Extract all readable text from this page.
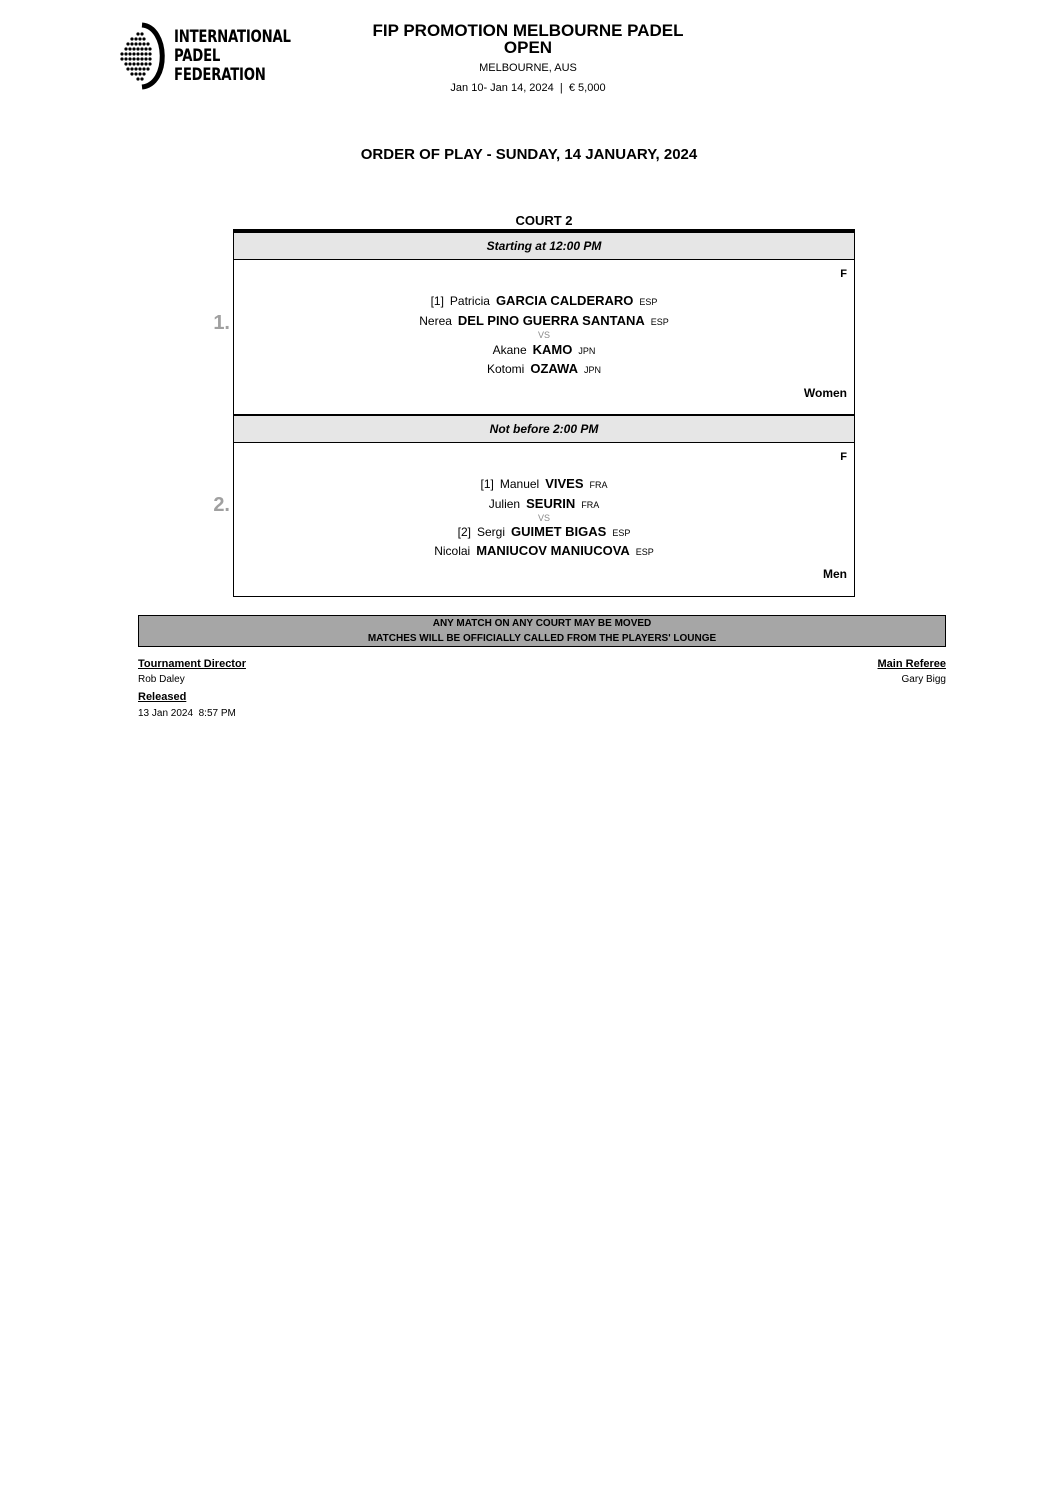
INTERNATIONAL
PADEL
FEDERATION
FIP PROMOTION MELBOURNE PADEL
OPEN
MELBOURNE, AUS
Jan 10- Jan 14, 2024  |  € 5,000
ORDER OF PLAY - SUNDAY, 14 JANUARY, 2024
COURT 2
Starting at 12:00 PM
1.
F
[1] Patricia GARCIA CALDERARO ESP
Nerea DEL PINO GUERRA SANTANA ESP
VS
Akane KAMO JPN
Kotomi OZAWA JPN
Women
Not before 2:00 PM
2.
F
[1] Manuel VIVES FRA
Julien SEURIN FRA
VS
[2] Sergi GUIMET BIGAS ESP
Nicolai MANIUCOV MANIUCOVA ESP
Men
ANY MATCH ON ANY COURT MAY BE MOVED
MATCHES WILL BE OFFICIALLY CALLED FROM THE PLAYERS' LOUNGE
Tournament Director
Rob Daley
Released
13 Jan 2024  8:57 PM
Main Referee
Gary Bigg
